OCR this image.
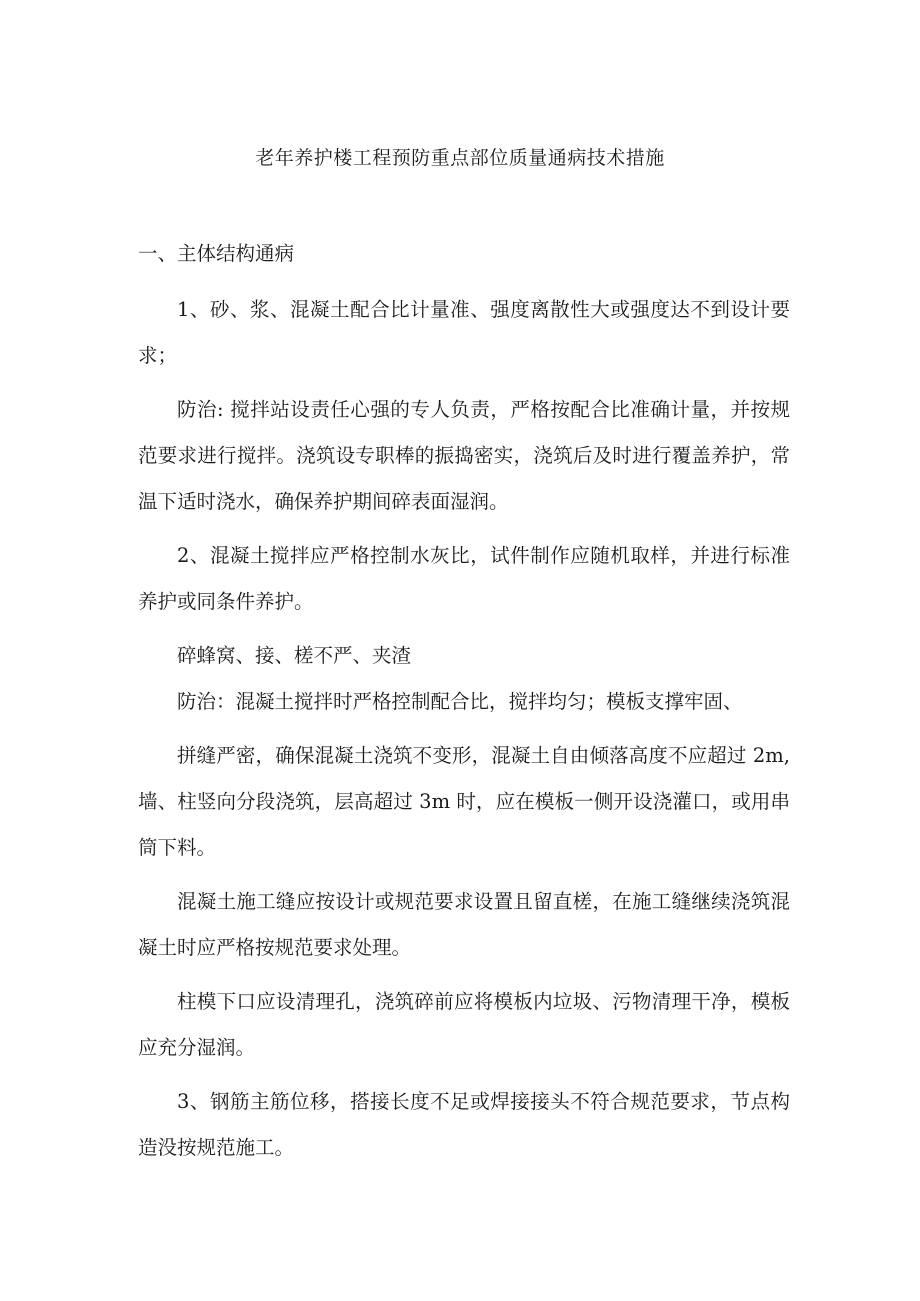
老年养护楼工程预防重点部位质量通病技术措施

一、主体结构通病

1、砂、浆、混凝土配合比计量准、强度离散性大或强度达不到设计要求；

防治: 搅拌站设责任心强的专人负责，严格按配合比准确计量，并按规范要求进行搅拌。浇筑设专职棒的振捣密实，浇筑后及时进行覆盖养护，常温下适时浇水，确保养护期间碎表面湿润。

2、混凝土搅拌应严格控制水灰比，试件制作应随机取样，并进行标准养护或同条件养护。

碎蜂窝、接、槎不严、夹渣

防治：混凝土搅拌时严格控制配合比，搅拌均匀；模板支撑牢固、

拼缝严密，确保混凝土浇筑不变形，混凝土自由倾落高度不应超过 2m,墙、柱竖向分段浇筑，层高超过 3m 时，应在模板一侧开设浇灌口，或用串筒下料。

混凝土施工缝应按设计或规范要求设置且留直槎，在施工缝继续浇筑混凝土时应严格按规范要求处理。

柱模下口应设清理孔，浇筑碎前应将模板内垃圾、污物清理干净，模板应充分湿润。

3、钢筋主筋位移，搭接长度不足或焊接接头不符合规范要求，节点构造没按规范施工。
